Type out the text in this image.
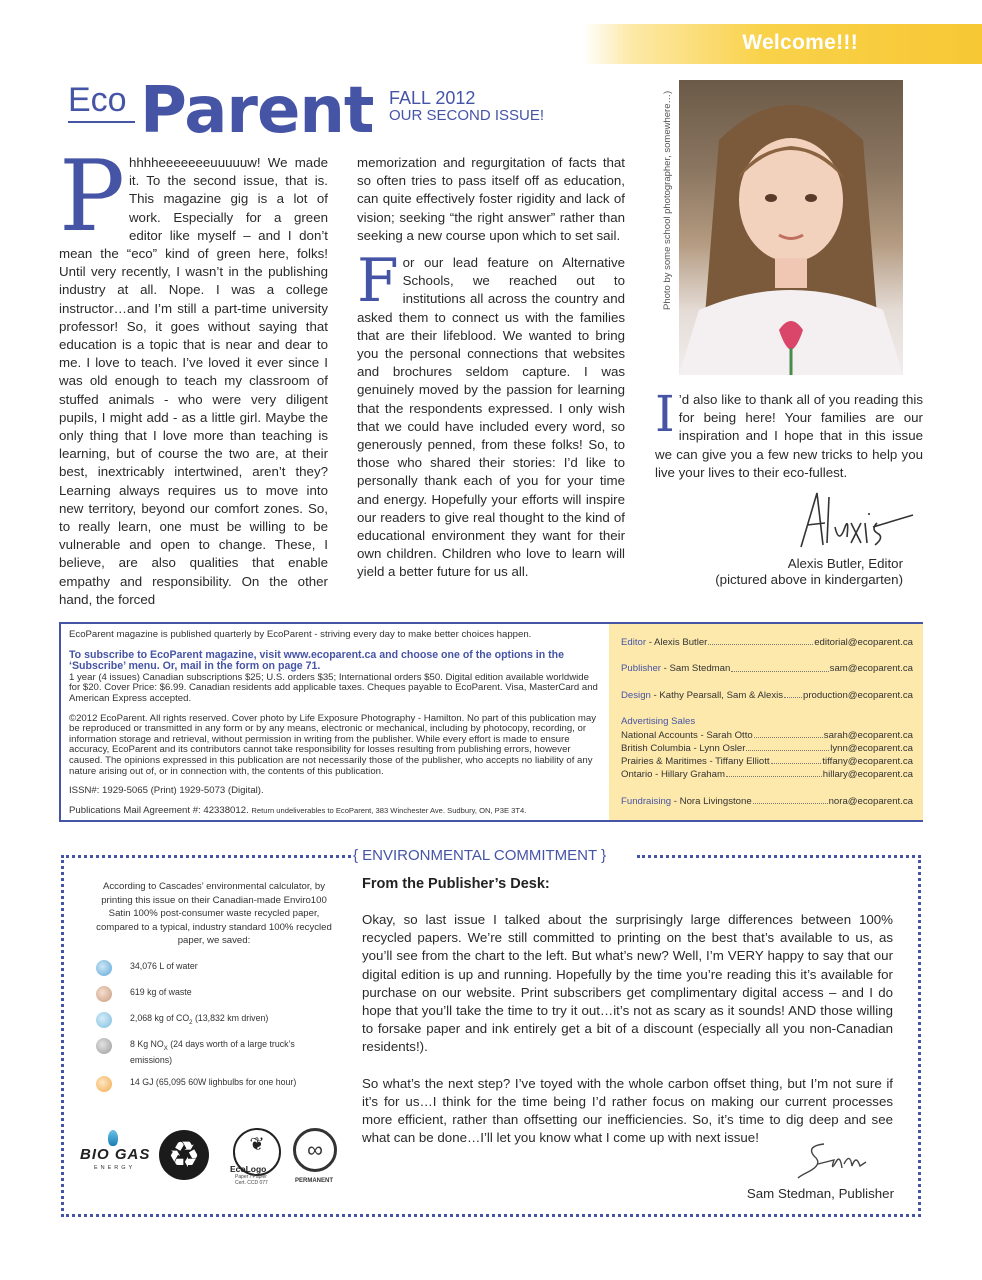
Welcome!!!
Eco Parent FALL 2012
OUR SECOND ISSUE!

P hhhheeeeeeeuuuuuw! We made it. To the second issue, that is. This magazine gig is a lot of work. Especially for a green editor like myself – and I don’t mean the “eco” kind of green here, folks! Until very recently, I wasn’t in the publishing industry at all. Nope. I was a college instructor…and I’m still a part-time university professor! So, it goes without saying that education is a topic that is near and dear to me. I love to teach. I’ve loved it ever since I was old enough to teach my classroom of stuffed animals - who were very diligent pupils, I might add - as a little girl. Maybe the only thing that I love more than teaching is learning, but of course the two are, at their best, inextricably intertwined, aren’t they? Learning always requires us to move into new territory, beyond our comfort zones. So, to really learn, one must be willing to be vulnerable and open to change. These, I believe, are also qualities that enable empathy and responsibility. On the other hand, the forced

memorization and regurgitation of facts that so often tries to pass itself off as education, can quite effectively foster rigidity and lack of vision; seeking “the right answer” rather than seeking a new course upon which to set sail.

F or our lead feature on Alternative Schools, we reached out to institutions all across the country and asked them to connect us with the families that are their lifeblood. We wanted to bring you the personal connections that websites and brochures seldom capture. I was genuinely moved by the passion for learning that the respondents expressed. I only wish that we could have included every word, so generously penned, from these folks! So, to those who shared their stories: I’d like to personally thank each of you for your time and energy. Hopefully your efforts will inspire our readers to give real thought to the kind of educational environment they want for their own children. Children who love to learn will yield a better future for us all.

Photo by some school photographer, somewhere…)

I ’d also like to thank all of you reading this for being here! Your families are our inspiration and I hope that in this issue we can give you a few new tricks to help you live your lives to their eco-fullest.

Alexis Butler, Editor
(pictured above in kindergarten)

EcoParent magazine is published quarterly by EcoParent - striving every day to make better choices happen.

To subscribe to EcoParent magazine, visit www.ecoparent.ca and choose one of the options in the ‘Subscribe’ menu. Or, mail in the form on page 71.
1 year (4 issues) Canadian subscriptions $25; U.S. orders $35; International orders $50. Digital edition available worldwide for $20. Cover Price: $6.99. Canadian residents add applicable taxes. Cheques payable to EcoParent. Visa, MasterCard and American Express accepted.

©2012 EcoParent. All rights reserved. Cover photo by Life Exposure Photography - Hamilton. No part of this publication may be reproduced or transmitted in any form or by any means, electronic or mechanical, including by photocopy, recording, or information storage and retrieval, without permission in writing from the publisher. While every effort is made to ensure accuracy, EcoParent and its contributors cannot take responsibility for losses resulting from publishing errors, however caused. The opinions expressed in this publication are not necessarily those of the publisher, who accepts no liability of any nature arising out of, or in connection with, the contents of this publication.

ISSN#: 1929-5065 (Print) 1929-5073 (Digital).

Publications Mail Agreement #: 42338012. Return undeliverables to EcoParent, 383 Winchester Ave. Sudbury, ON, P3E 3T4.

Editor - Alexis Butler	editorial@ecoparent.ca
Publisher - Sam Stedman	sam@ecoparent.ca
Design - Kathy Pearsall, Sam & Alexis production@ecoparent.ca
Advertising Sales
National Accounts - Sarah Otto	sarah@ecoparent.ca
British Columbia - Lynn Osler	lynn@ecoparent.ca
Prairies & Maritimes - Tiffany Elliott	tiffany@ecoparent.ca
Ontario - Hillary Graham	hillary@ecoparent.ca
Fundraising - Nora Livingstone	nora@ecoparent.ca
{ ENVIRONMENTAL COMMITMENT }

According to Cascades’ environmental calculator, by printing this issue on their Canadian-made Enviro100 Satin 100% post-consumer waste recycled paper, compared to a typical, industry standard 100% recycled paper, we saved:

34,076 L of water
619 kg of waste
2,068 kg of $CO_2$ (13,832 km driven)
8 Kg $NO_X$ (24 days worth of a large truck’s emissions)
14 GJ (65,095 60W lighbulbs for one hour)
BIO GAS
ENERGY ♻	❦
EcoLogo
Paper / Papier
Cert. CCD 077
∞
PERMANENT
From the Publisher’s Desk:

Okay, so last issue I talked about the surprisingly large differences between 100% recycled papers. We’re still committed to printing on the best that’s available to us, as you’ll see from the chart to the left. But what’s new? Well, I’m VERY happy to say that our digital edition is up and running. Hopefully by the time you’re reading this it’s available for purchase on our website. Print subscribers get complimentary digital access – and I do hope that you’ll take the time to try it out…it’s not as scary as it sounds! AND those willing to forsake paper and ink entirely get a bit of a discount (especially all you non-Canadian residents!).

So what’s the next step? I’ve toyed with the whole carbon offset thing, but I’m not sure if it’s for us…I think for the time being I’d rather focus on making our current processes more efficient, rather than offsetting our inefficiencies. So, it’s time to dig deep and see what can be done…I’ll let you know what I come up with next issue!

Sam Stedman, Publisher
